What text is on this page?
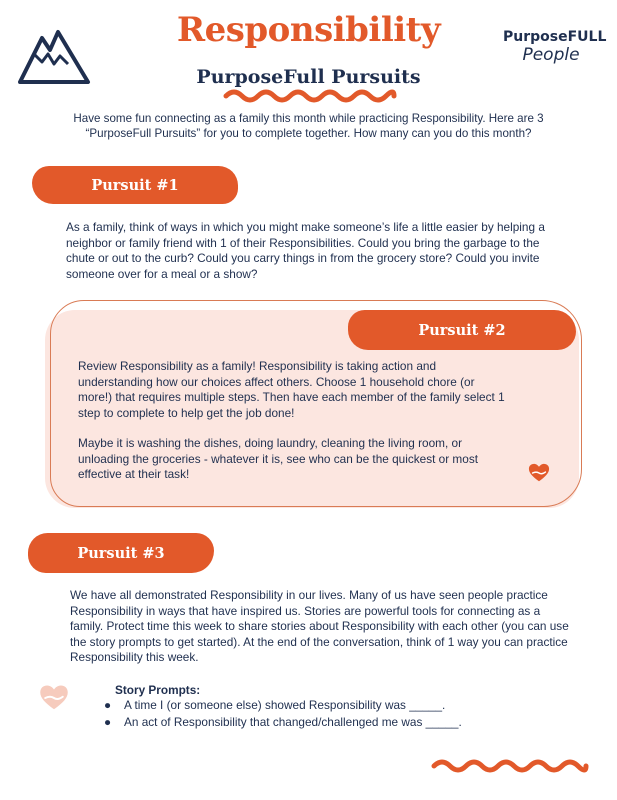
Responsibility
PurposeFull Pursuits
PurposeFULL
People
Have some fun connecting as a family this month while practicing Responsibility. Here are 3 “PurposeFull Pursuits” for you to complete together. How many can you do this month?
Pursuit #1
As a family, think of ways in which you might make someone’s life a little easier by helping a neighbor or family friend with 1 of their Responsibilities. Could you bring the garbage to the chute or out to the curb? Could you carry things in from the grocery store? Could you invite someone over for a meal or a show?
Pursuit #2

Review Responsibility as a family! Responsibility is taking action and understanding how our choices affect others. Choose 1 household chore (or more!) that requires multiple steps. Then have each member of the family select 1 step to complete to help get the job done!

Maybe it is washing the dishes, doing laundry, cleaning the living room, or unloading the groceries - whatever it is, see who can be the quickest or most effective at their task!

Pursuit #3
We have all demonstrated Responsibility in our lives. Many of us have seen people practice Responsibility in ways that have inspired us. Stories are powerful tools for connecting as a family. Protect time this week to share stories about Responsibility with each other (you can use the story prompts to get started). At the end of the conversation, think of 1 way you can practice Responsibility this week.
Story Prompts:
● A time I (or someone else) showed Responsibility was _____.
● An act of Responsibility that changed/challenged me was _____.
